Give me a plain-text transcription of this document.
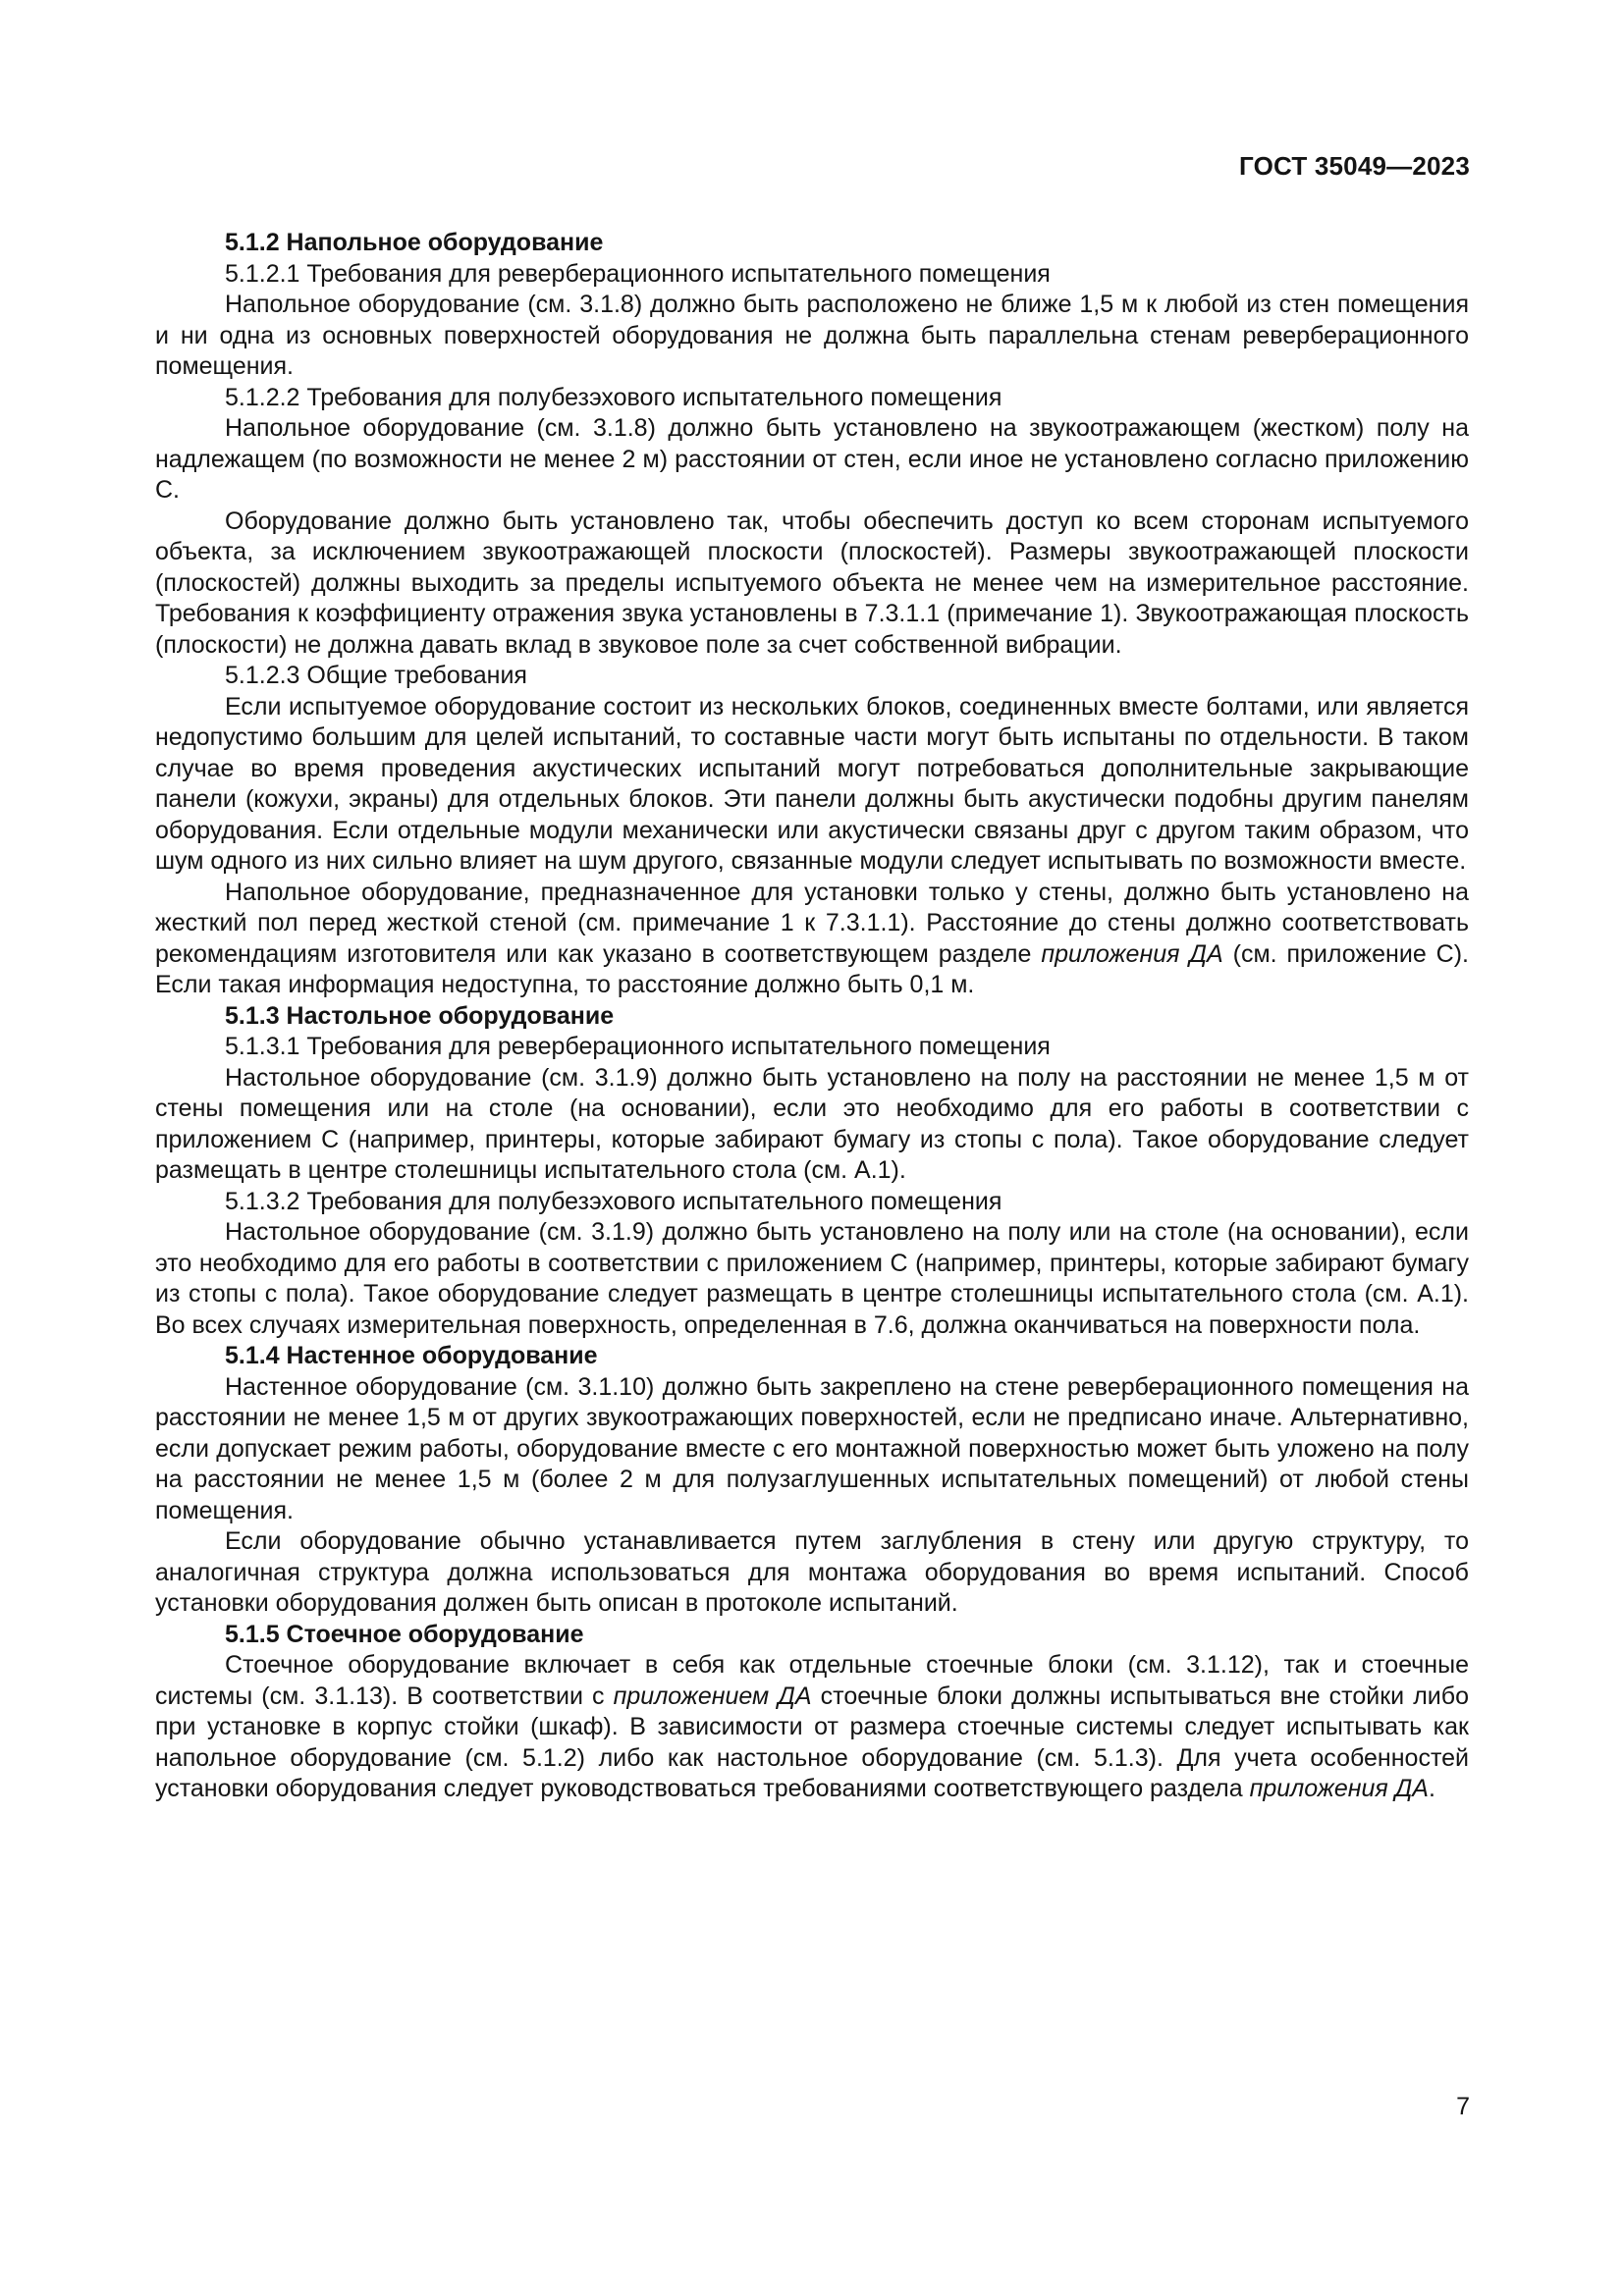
ГОСТ 35049—2023

5.1.2 Напольное оборудование

5.1.2.1 Требования для реверберационного испытательного помещения

Напольное оборудование (см. 3.1.8) должно быть расположено не ближе 1,5 м к любой из стен помещения и ни одна из основных поверхностей оборудования не должна быть параллельна стенам реверберационного помещения.

5.1.2.2 Требования для полубезэхового испытательного помещения

Напольное оборудование (см. 3.1.8) должно быть установлено на звукоотражающем (жестком) полу на надлежащем (по возможности не менее 2 м) расстоянии от стен, если иное не установлено согласно приложению С.

Оборудование должно быть установлено так, чтобы обеспечить доступ ко всем сторонам испытуемого объекта, за исключением звукоотражающей плоскости (плоскостей). Размеры звукоотражающей плоскости (плоскостей) должны выходить за пределы испытуемого объекта не менее чем на измерительное расстояние. Требования к коэффициенту отражения звука установлены в 7.3.1.1 (примечание 1). Звукоотражающая плоскость (плоскости) не должна давать вклад в звуковое поле за счет собственной вибрации.

5.1.2.3 Общие требования

Если испытуемое оборудование состоит из нескольких блоков, соединенных вместе болтами, или является недопустимо большим для целей испытаний, то составные части могут быть испытаны по отдельности. В таком случае во время проведения акустических испытаний могут потребоваться дополнительные закрывающие панели (кожухи, экраны) для отдельных блоков. Эти панели должны быть акустически подобны другим панелям оборудования. Если отдельные модули механически или акустически связаны друг с другом таким образом, что шум одного из них сильно влияет на шум другого, связанные модули следует испытывать по возможности вместе.

Напольное оборудование, предназначенное для установки только у стены, должно быть установлено на жесткий пол перед жесткой стеной (см. примечание 1 к 7.3.1.1). Расстояние до стены должно соответствовать рекомендациям изготовителя или как указано в соответствующем разделе приложения ДА (см. приложение С). Если такая информация недоступна, то расстояние должно быть 0,1 м.

5.1.3 Настольное оборудование

5.1.3.1 Требования для реверберационного испытательного помещения

Настольное оборудование (см. 3.1.9) должно быть установлено на полу на расстоянии не менее 1,5 м от стены помещения или на столе (на основании), если это необходимо для его работы в соответствии с приложением С (например, принтеры, которые забирают бумагу из стопы с пола). Такое оборудование следует размещать в центре столешницы испытательного стола (см. А.1).

5.1.3.2 Требования для полубезэхового испытательного помещения

Настольное оборудование (см. 3.1.9) должно быть установлено на полу или на столе (на основании), если это необходимо для его работы в соответствии с приложением С (например, принтеры, которые забирают бумагу из стопы с пола). Такое оборудование следует размещать в центре столешницы испытательного стола (см. А.1). Во всех случаях измерительная поверхность, определенная в 7.6, должна оканчиваться на поверхности пола.

5.1.4 Настенное оборудование

Настенное оборудование (см. 3.1.10) должно быть закреплено на стене реверберационного помещения на расстоянии не менее 1,5 м от других звукоотражающих поверхностей, если не предписано иначе. Альтернативно, если допускает режим работы, оборудование вместе с его монтажной поверхностью может быть уложено на полу на расстоянии не менее 1,5 м (более 2 м для полузаглушенных испытательных помещений) от любой стены помещения.

Если оборудование обычно устанавливается путем заглубления в стену или другую структуру, то аналогичная структура должна использоваться для монтажа оборудования во время испытаний. Способ установки оборудования должен быть описан в протоколе испытаний.

5.1.5 Стоечное оборудование

Стоечное оборудование включает в себя как отдельные стоечные блоки (см. 3.1.12), так и стоечные системы (см. 3.1.13). В соответствии с приложением ДА стоечные блоки должны испытываться вне стойки либо при установке в корпус стойки (шкаф). В зависимости от размера стоечные системы следует испытывать как напольное оборудование (см. 5.1.2) либо как настольное оборудование (см. 5.1.3). Для учета особенностей установки оборудования следует руководствоваться требованиями соответствующего раздела приложения ДА.

7
